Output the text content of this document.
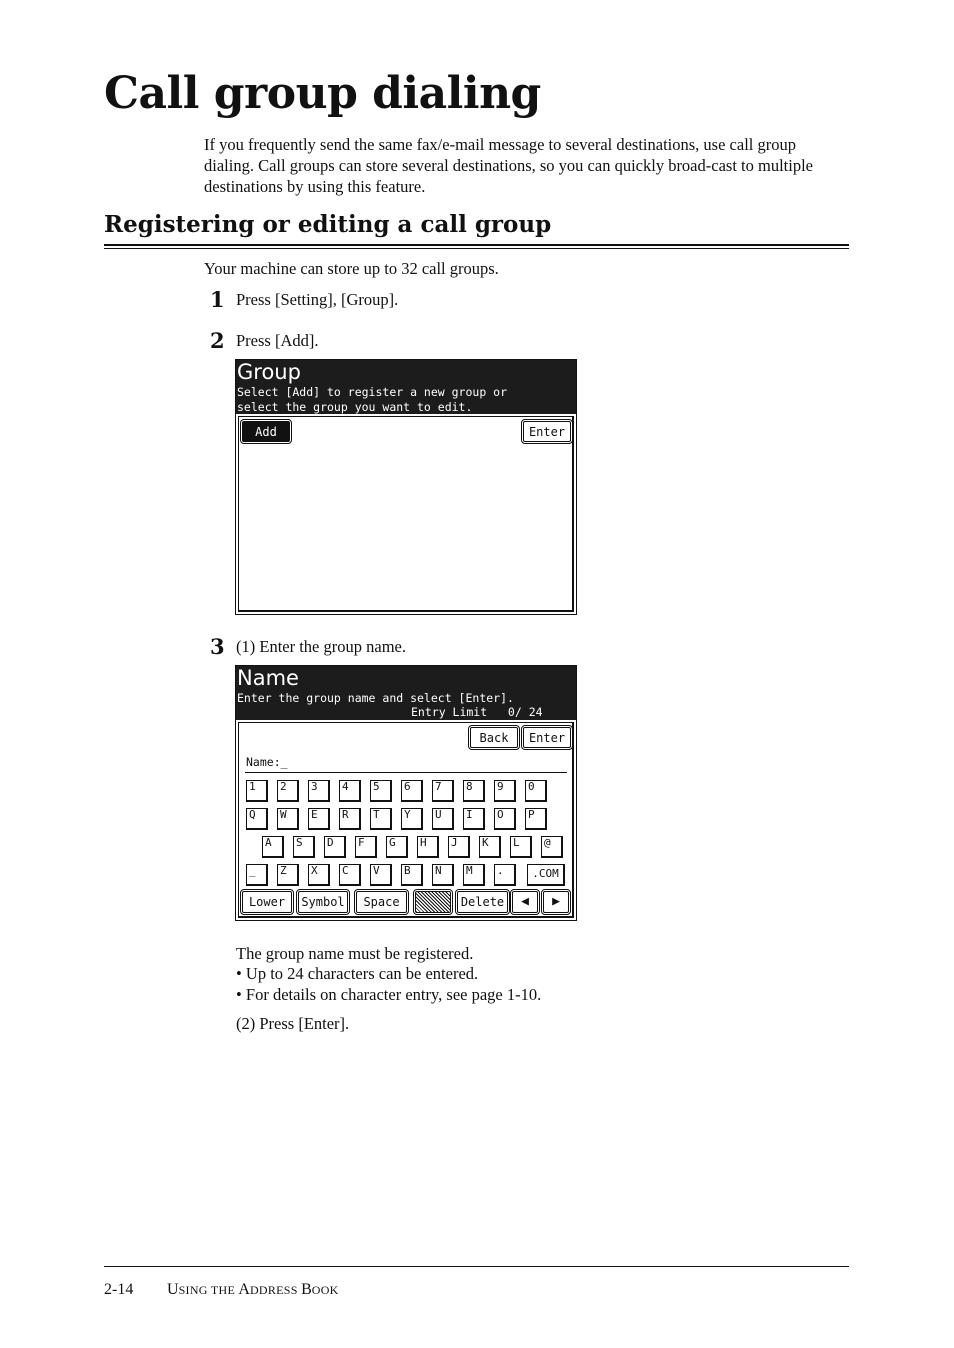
Call group dialing
If you frequently send the same fax/e-mail message to several destinations, use call group dialing. Call groups can store several destinations, so you can quickly broad-cast to multiple destinations by using this feature.
Registering or editing a call group
Your machine can store up to 32 call groups.
1 Press [Setting], [Group].
2 Press [Add].
Group
Select [Add] to register a new group or
select the group you want to edit.
Add	Enter
3 (1) Enter the group name.
Name
Enter the group name and select [Enter].
Entry Limit   0/ 24
Back	Enter
Name:_
1	2	3	4	5	6	7	8	9	0
Q	W	E	R	T	Y	U	I	O	P
A	S	D	F	G	H	J	K	L	@
_	Z	X	C	V	B	N	M	.	.COM
Lower	Symbol	Space	Delete	◀	▶
The group name must be registered.
• Up to 24 characters can be entered.
• For details on character entry, see page 1-10.
(2) Press [Enter].
2-14 USING THE ADDRESS BOOK
